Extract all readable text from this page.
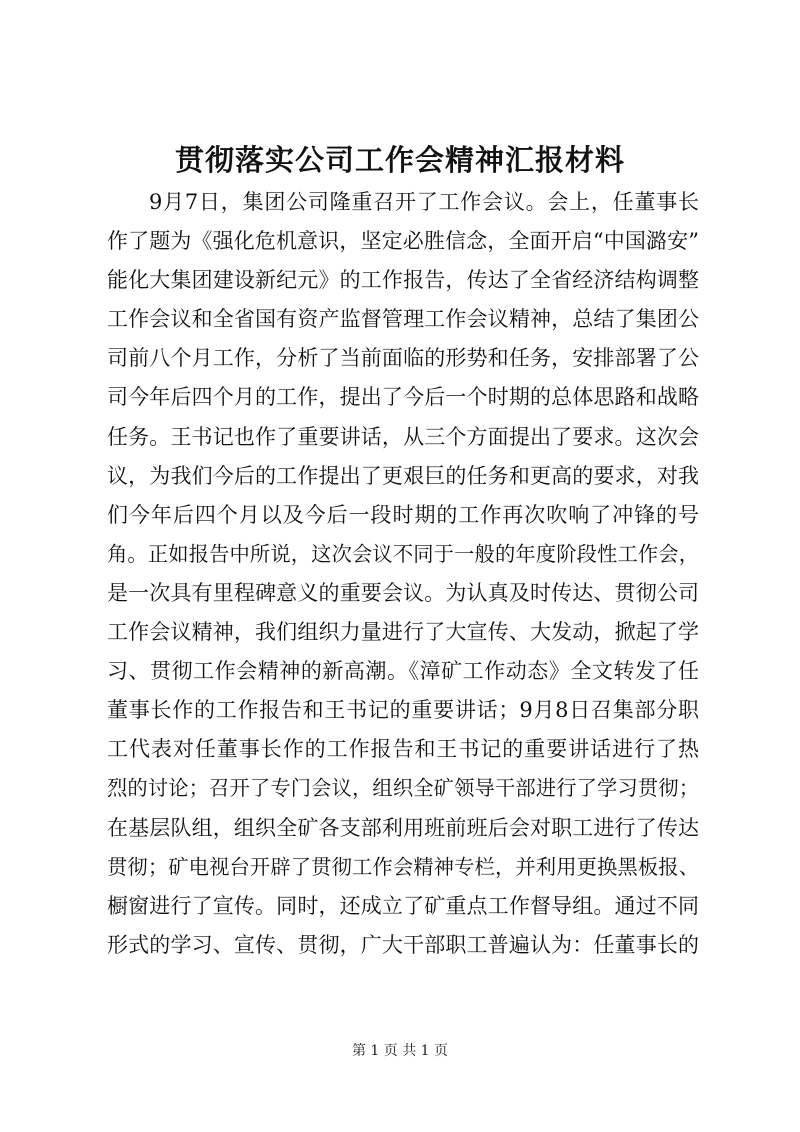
贯彻落实公司工作会精神汇报材料
9月7日，集团公司隆重召开了工作会议。会上，任董事长
作了题为《强化危机意识，坚定必胜信念，全面开启“中国潞安”
能化大集团建设新纪元》的工作报告，传达了全省经济结构调整
工作会议和全省国有资产监督管理工作会议精神，总结了集团公
司前八个月工作，分析了当前面临的形势和任务，安排部署了公
司今年后四个月的工作，提出了今后一个时期的总体思路和战略
任务。王书记也作了重要讲话，从三个方面提出了要求。这次会
议，为我们今后的工作提出了更艰巨的任务和更高的要求，对我
们今年后四个月以及今后一段时期的工作再次吹响了冲锋的号
角。正如报告中所说，这次会议不同于一般的年度阶段性工作会，
是一次具有里程碑意义的重要会议。为认真及时传达、贯彻公司
工作会议精神，我们组织力量进行了大宣传、大发动，掀起了学
习、贯彻工作会精神的新高潮。《漳矿工作动态》全文转发了任
董事长作的工作报告和王书记的重要讲话；9月8日召集部分职
工代表对任董事长作的工作报告和王书记的重要讲话进行了热
烈的讨论；召开了专门会议，组织全矿领导干部进行了学习贯彻；
在基层队组，组织全矿各支部利用班前班后会对职工进行了传达
贯彻；矿电视台开辟了贯彻工作会精神专栏，并利用更换黑板报、
橱窗进行了宣传。同时，还成立了矿重点工作督导组。通过不同
形式的学习、宣传、贯彻，广大干部职工普遍认为：任董事长的
第 1 页 共 1 页
